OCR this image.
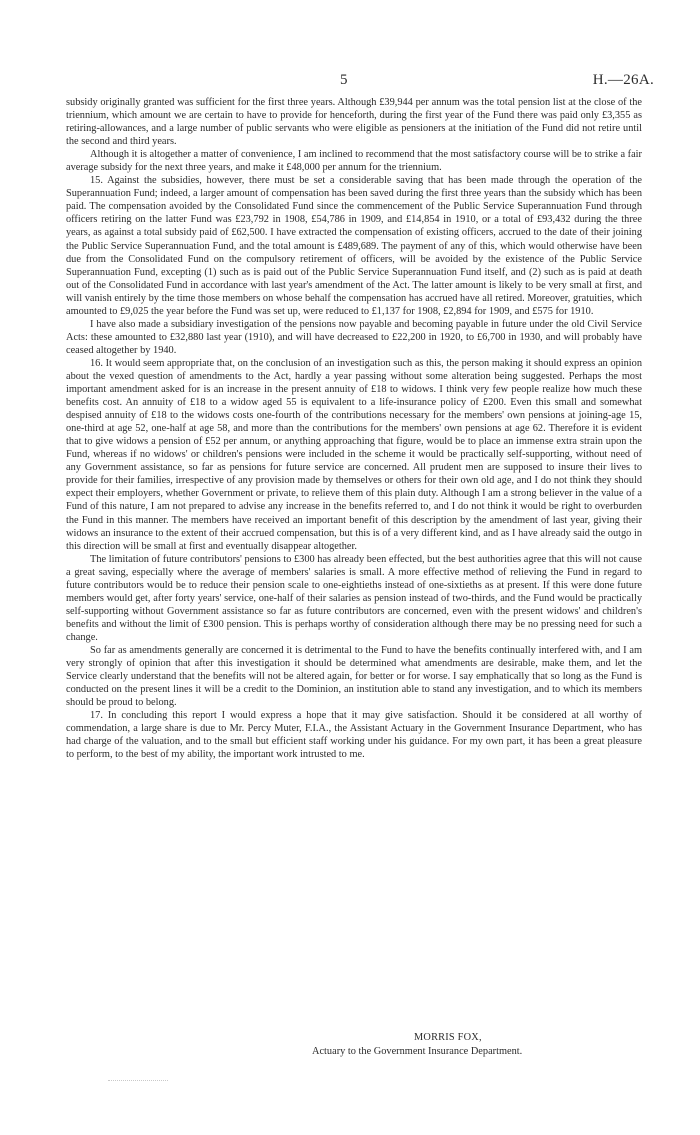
5	H.—26A.

subsidy originally granted was sufficient for the first three years. Although £39,944 per annum was the total pension list at the close of the triennium, which amount we are certain to have to provide for henceforth, during the first year of the Fund there was paid only £3,355 as retiring-allowances, and a large number of public servants who were eligible as pensioners at the initiation of the Fund did not retire until the second and third years.

Although it is altogether a matter of convenience, I am inclined to recommend that the most satisfactory course will be to strike a fair average subsidy for the next three years, and make it £48,000 per annum for the triennium.

15. Against the subsidies, however, there must be set a considerable saving that has been made through the operation of the Superannuation Fund; indeed, a larger amount of compensation has been saved during the first three years than the subsidy which has been paid. The compensation avoided by the Consolidated Fund since the commencement of the Public Service Superannuation Fund through officers retiring on the latter Fund was £23,792 in 1908, £54,786 in 1909, and £14,854 in 1910, or a total of £93,432 during the three years, as against a total subsidy paid of £62,500. I have extracted the compensation of existing officers, accrued to the date of their joining the Public Service Superannuation Fund, and the total amount is £489,689. The payment of any of this, which would otherwise have been due from the Consolidated Fund on the compulsory retirement of officers, will be avoided by the existence of the Public Service Superannuation Fund, excepting (1) such as is paid out of the Public Service Superannuation Fund itself, and (2) such as is paid at death out of the Consolidated Fund in accordance with last year's amendment of the Act. The latter amount is likely to be very small at first, and will vanish entirely by the time those members on whose behalf the compensation has accrued have all retired. Moreover, gratuities, which amounted to £9,025 the year before the Fund was set up, were reduced to £1,137 for 1908, £2,894 for 1909, and £575 for 1910.

I have also made a subsidiary investigation of the pensions now payable and becoming payable in future under the old Civil Service Acts: these amounted to £32,880 last year (1910), and will have decreased to £22,200 in 1920, to £6,700 in 1930, and will probably have ceased altogether by 1940.

16. It would seem appropriate that, on the conclusion of an investigation such as this, the person making it should express an opinion about the vexed question of amendments to the Act, hardly a year passing without some alteration being suggested. Perhaps the most important amendment asked for is an increase in the present annuity of £18 to widows. I think very few people realize how much these benefits cost. An annuity of £18 to a widow aged 55 is equivalent to a life-insurance policy of £200. Even this small and somewhat despised annuity of £18 to the widows costs one-fourth of the contributions necessary for the members' own pensions at joining-age 15, one-third at age 52, one-half at age 58, and more than the contributions for the members' own pensions at age 62. Therefore it is evident that to give widows a pension of £52 per annum, or anything approaching that figure, would be to place an immense extra strain upon the Fund, whereas if no widows' or children's pensions were included in the scheme it would be practically self-supporting, without need of any Government assistance, so far as pensions for future service are concerned. All prudent men are supposed to insure their lives to provide for their families, irrespective of any provision made by themselves or others for their own old age, and I do not think they should expect their employers, whether Government or private, to relieve them of this plain duty. Although I am a strong believer in the value of a Fund of this nature, I am not prepared to advise any increase in the benefits referred to, and I do not think it would be right to overburden the Fund in this manner. The members have received an important benefit of this description by the amendment of last year, giving their widows an insurance to the extent of their accrued compensation, but this is of a very different kind, and as I have already said the outgo in this direction will be small at first and eventually disappear altogether.

The limitation of future contributors' pensions to £300 has already been effected, but the best authorities agree that this will not cause a great saving, especially where the average of members' salaries is small. A more effective method of relieving the Fund in regard to future contributors would be to reduce their pension scale to one-eightieths instead of one-sixtieths as at present. If this were done future members would get, after forty years' service, one-half of their salaries as pension instead of two-thirds, and the Fund would be practically self-supporting without Government assistance so far as future contributors are concerned, even with the present widows' and children's benefits and without the limit of £300 pension. This is perhaps worthy of consideration although there may be no pressing need for such a change.

So far as amendments generally are concerned it is detrimental to the Fund to have the benefits continually interfered with, and I am very strongly of opinion that after this investigation it should be determined what amendments are desirable, make them, and let the Service clearly understand that the benefits will not be altered again, for better or for worse. I say emphatically that so long as the Fund is conducted on the present lines it will be a credit to the Dominion, an institution able to stand any investigation, and to which its members should be proud to belong.

17. In concluding this report I would express a hope that it may give satisfaction. Should it be considered at all worthy of commendation, a large share is due to Mr. Percy Muter, F.I.A., the Assistant Actuary in the Government Insurance Department, who has had charge of the valuation, and to the small but efficient staff working under his guidance. For my own part, it has been a great pleasure to perform, to the best of my ability, the important work intrusted to me.

MORRIS FOX,
Actuary to the Government Insurance Department.
